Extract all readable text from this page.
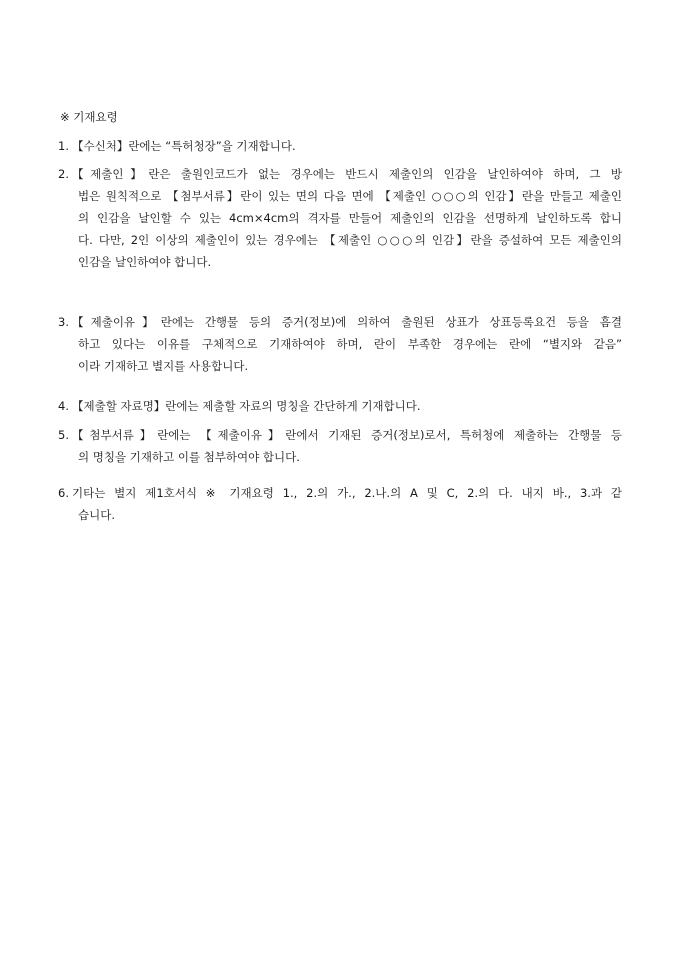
※ 기재요령
1. 【수신처】란에는 “특허청장”을 기재합니다.
2. 【제출인】란은 출원인코드가 없는 경우에는 반드시 제출인의 인감을 날인하여야 하며, 그 방
법은 원칙적으로 【첨부서류】란이 있는 면의 다음 면에 【제출인 ○○○의 인감】란을 만들고 제출인
의 인감을 날인할 수 있는 4cm×4cm의 격자를 만들어 제출인의 인감을 선명하게 날인하도록 합니
다. 다만, 2인 이상의 제출인이 있는 경우에는 【제출인 ○○○의 인감】란을 증설하여 모든 제출인의
인감을 날인하여야 합니다.
3. 【제출이유】란에는 간행물 등의 증거(정보)에 의하여 출원된 상표가 상표등록요건 등을 흠결
하고 있다는 이유를 구체적으로 기재하여야 하며, 란이 부족한 경우에는 란에 “별지와 같음”
이라 기재하고 별지를 사용합니다.
4. 【제출할 자료명】란에는 제출할 자료의 명칭을 간단하게 기재합니다.
5. 【첨부서류】란에는 【제출이유】란에서 기재된 증거(정보)로서, 특허청에 제출하는 간행물 등
의 명칭을 기재하고 이를 첨부하여야 합니다.
6. 기타는 별지 제1호서식 ※ 기재요령 1., 2.의 가., 2.나.의 A 및 C, 2.의 다. 내지 바., 3.과 같
습니다.
